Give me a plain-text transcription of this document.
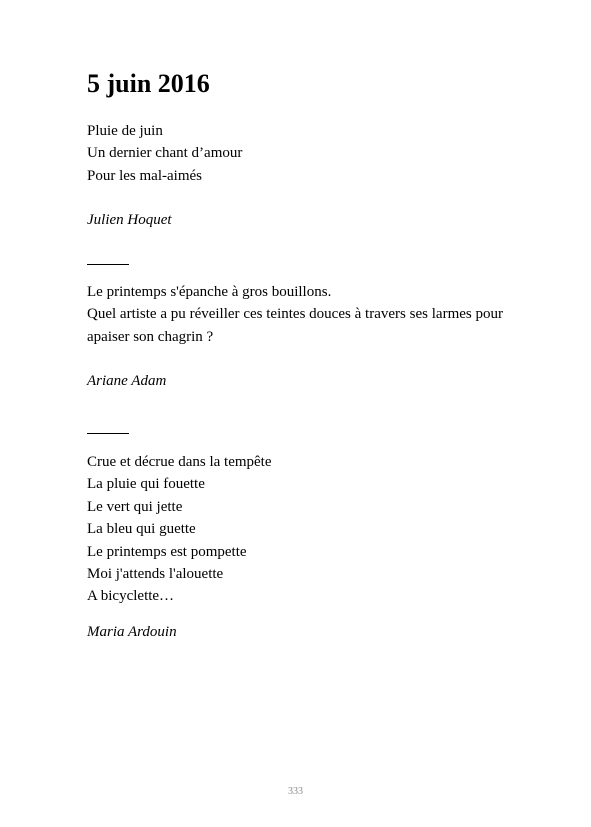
5 juin 2016
Pluie de juin
Un dernier chant d’amour
Pour les mal-aimés
Julien Hoquet
Le printemps s'épanche à gros bouillons.
Quel artiste a pu réveiller ces teintes douces à travers ses larmes pour apaiser son chagrin ?
Ariane Adam
Crue et décrue dans la tempête
La pluie qui fouette
Le vert qui jette
La bleu qui guette
Le printemps est pompette
Moi j'attends l'alouette
A bicyclette…
Maria Ardouin
333
